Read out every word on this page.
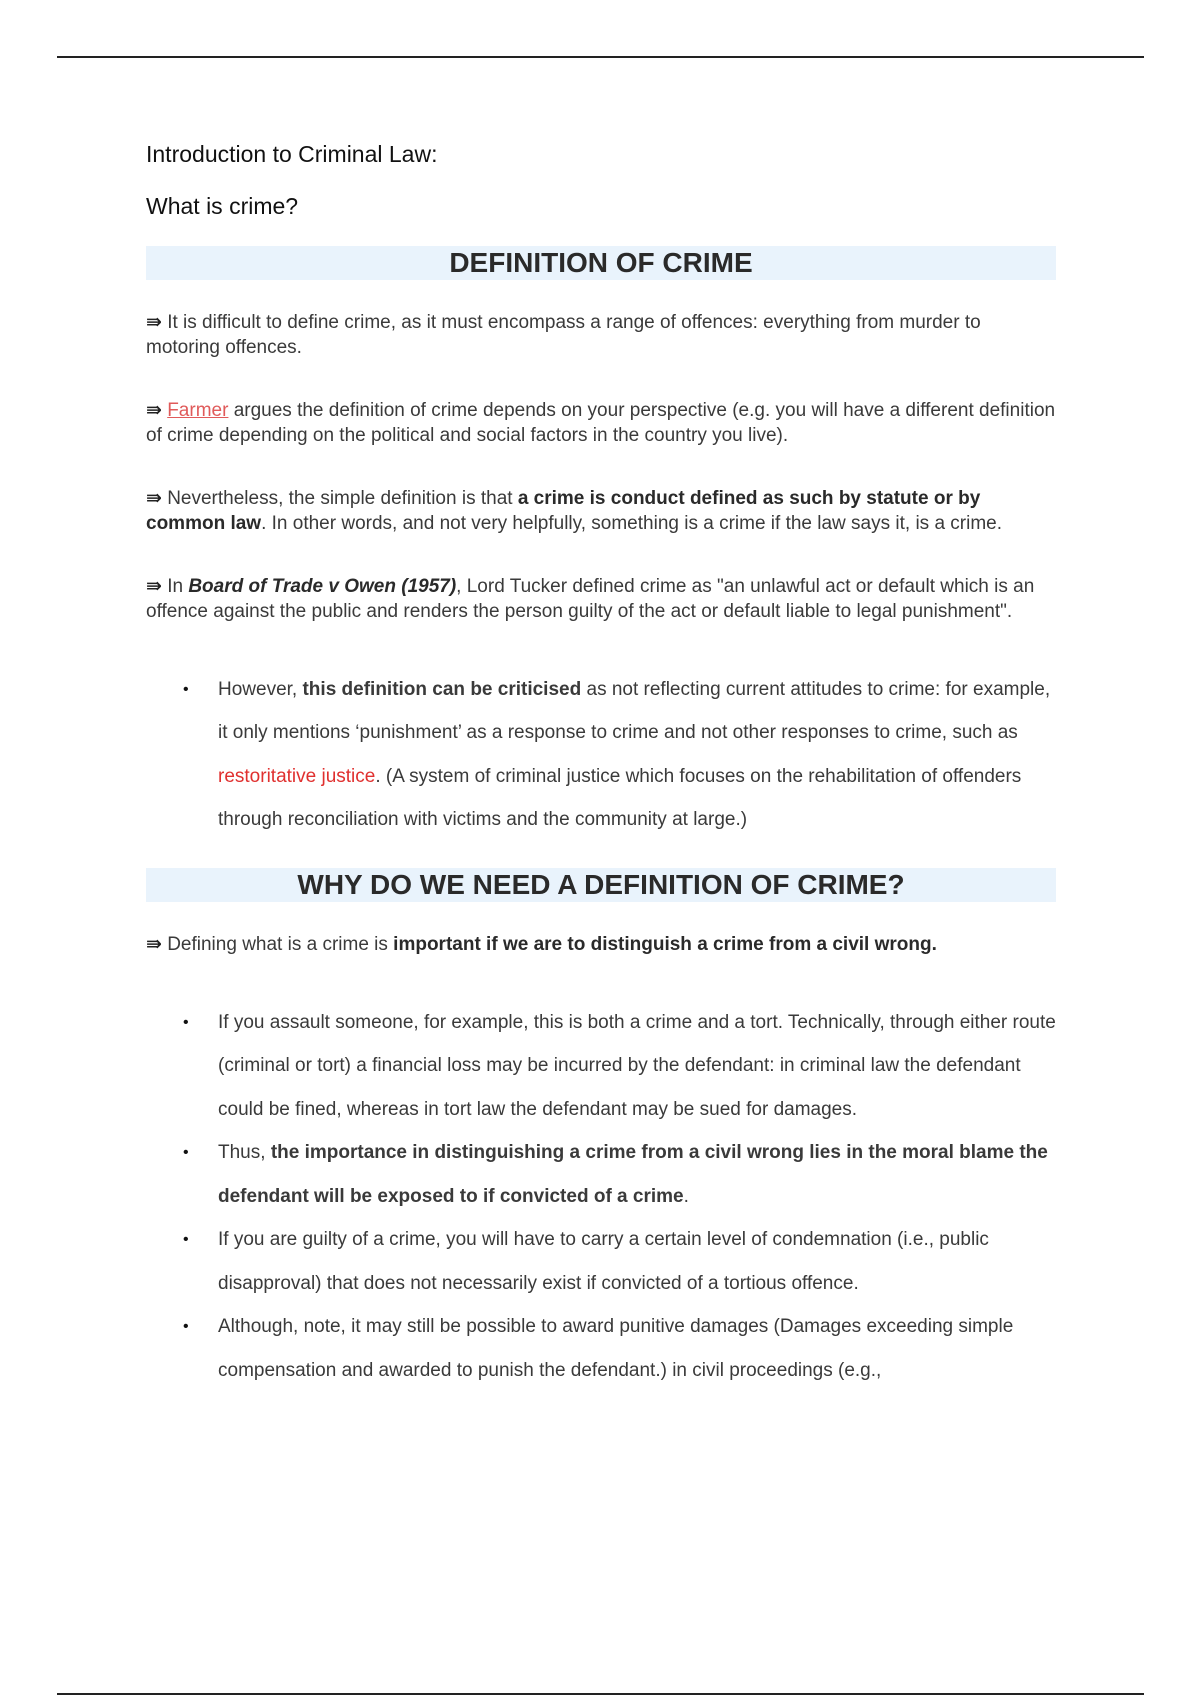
Introduction to Criminal Law:

What is crime?

DEFINITION OF CRIME

⇛ It is difficult to define crime, as it must encompass a range of offences: everything from murder to motoring offences.

⇛ Farmer argues the definition of crime depends on your perspective (e.g. you will have a different definition of crime depending on the political and social factors in the country you live).

⇛ Nevertheless, the simple definition is that a crime is conduct defined as such by statute or by common law. In other words, and not very helpfully, something is a crime if the law says it, is a crime.

⇛ In Board of Trade v Owen (1957), Lord Tucker defined crime as "an unlawful act or default which is an offence against the public and renders the person guilty of the act or default liable to legal punishment".

• However, this definition can be criticised as not reflecting current attitudes to crime: for example, it only mentions ‘punishment’ as a response to crime and not other responses to crime, such as restoritative justice. (A system of criminal justice which focuses on the rehabilitation of offenders through reconciliation with victims and the community at large.)
WHY DO WE NEED A DEFINITION OF CRIME?

⇛ Defining what is a crime is important if we are to distinguish a crime from a civil wrong.

• If you assault someone, for example, this is both a crime and a tort. Technically, through either route (criminal or tort) a financial loss may be incurred by the defendant: in criminal law the defendant could be fined, whereas in tort law the defendant may be sued for damages.
• Thus, the importance in distinguishing a crime from a civil wrong lies in the moral blame the defendant will be exposed to if convicted of a crime.
• If you are guilty of a crime, you will have to carry a certain level of condemnation (i.e., public disapproval) that does not necessarily exist if convicted of a tortious offence.
• Although, note, it may still be possible to award punitive damages (Damages exceeding simple compensation and awarded to punish the defendant.) in civil proceedings (e.g.,
